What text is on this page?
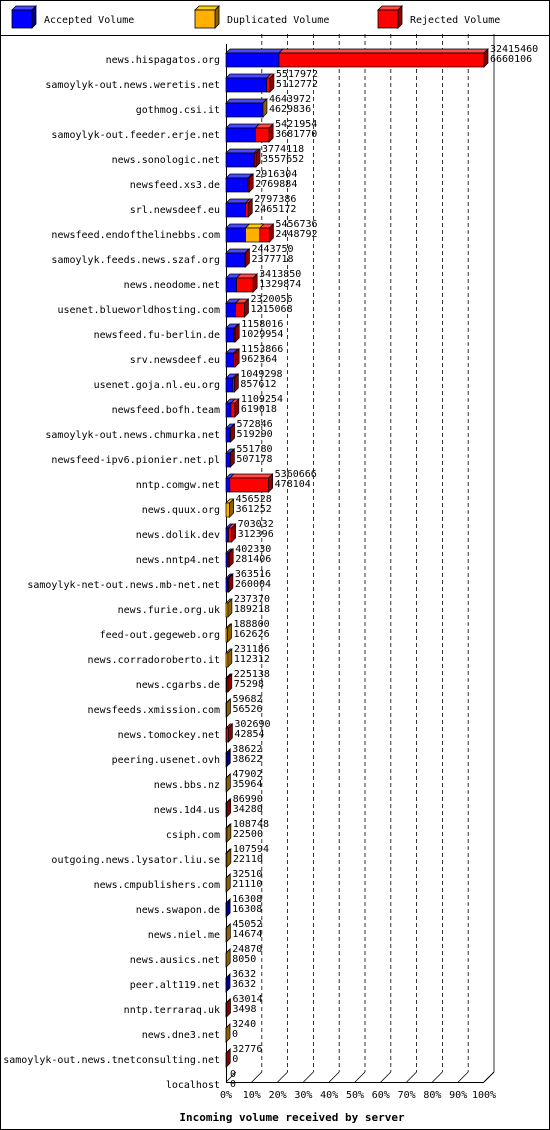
Accepted Volume	Duplicated Volume	Rejected Volume
news.hispagatos.org
32415460
6660106
samoylyk-out.news.weretis.net
5517972
5112772
gothmog.csi.it
4643972
4629836
samoylyk-out.feeder.erje.net
5421954
3681770
news.sonologic.net
3774118
3557652
newsfeed.xs3.de
2916304
2769884
srl.newsdeef.eu
2797386
2465172
newsfeed.endofthelinebbs.com
5456736
2448792
samoylyk.feeds.news.szaf.org
2443750
2377718
news.neodome.net
3413850
1329874
usenet.blueworldhosting.com
2320056
1215068
newsfeed.fu-berlin.de
1158016
1029954
srv.newsdeef.eu
1153866
962364
usenet.goja.nl.eu.org
1049298
857612
newsfeed.bofh.team
1109254
619018
samoylyk-out.news.chmurka.net
572846
519290
newsfeed-ipv6.pionier.net.pl
551780
507178
nntp.comgw.net
5360666
478104
news.quux.org
456528
361252
news.dolik.dev
703032
312396
news.nntp4.net
402330
281406
samoylyk-net-out.news.mb-net.net
363516
260004
news.furie.org.uk
237370
189218
feed-out.gegeweb.org
188800
162626
news.corradoroberto.it
231186
112312
news.cgarbs.de
225138
75298
newsfeeds.xmission.com
59682
56526
news.tomockey.net
302690
42854
peering.usenet.ovh
38622
38622
news.bbs.nz
47902
35964
news.1d4.us
86990
34280
csiph.com
108748
22500
outgoing.news.lysator.liu.se
107594
22110
news.cmpublishers.com
32510
21110
news.swapon.de
16308
16308
news.niel.me
45052
14674
news.ausics.net
24870
8050
peer.alt119.net
3632
3632
nntp.terraraq.uk
63014
3498
news.dne3.net
3240
0
samoylyk-out.news.tnetconsulting.net
32776
0
localhost
0
0
0% 10% 20% 30% 40% 50% 60% 70% 80% 90% 100%
Incoming volume received by server
